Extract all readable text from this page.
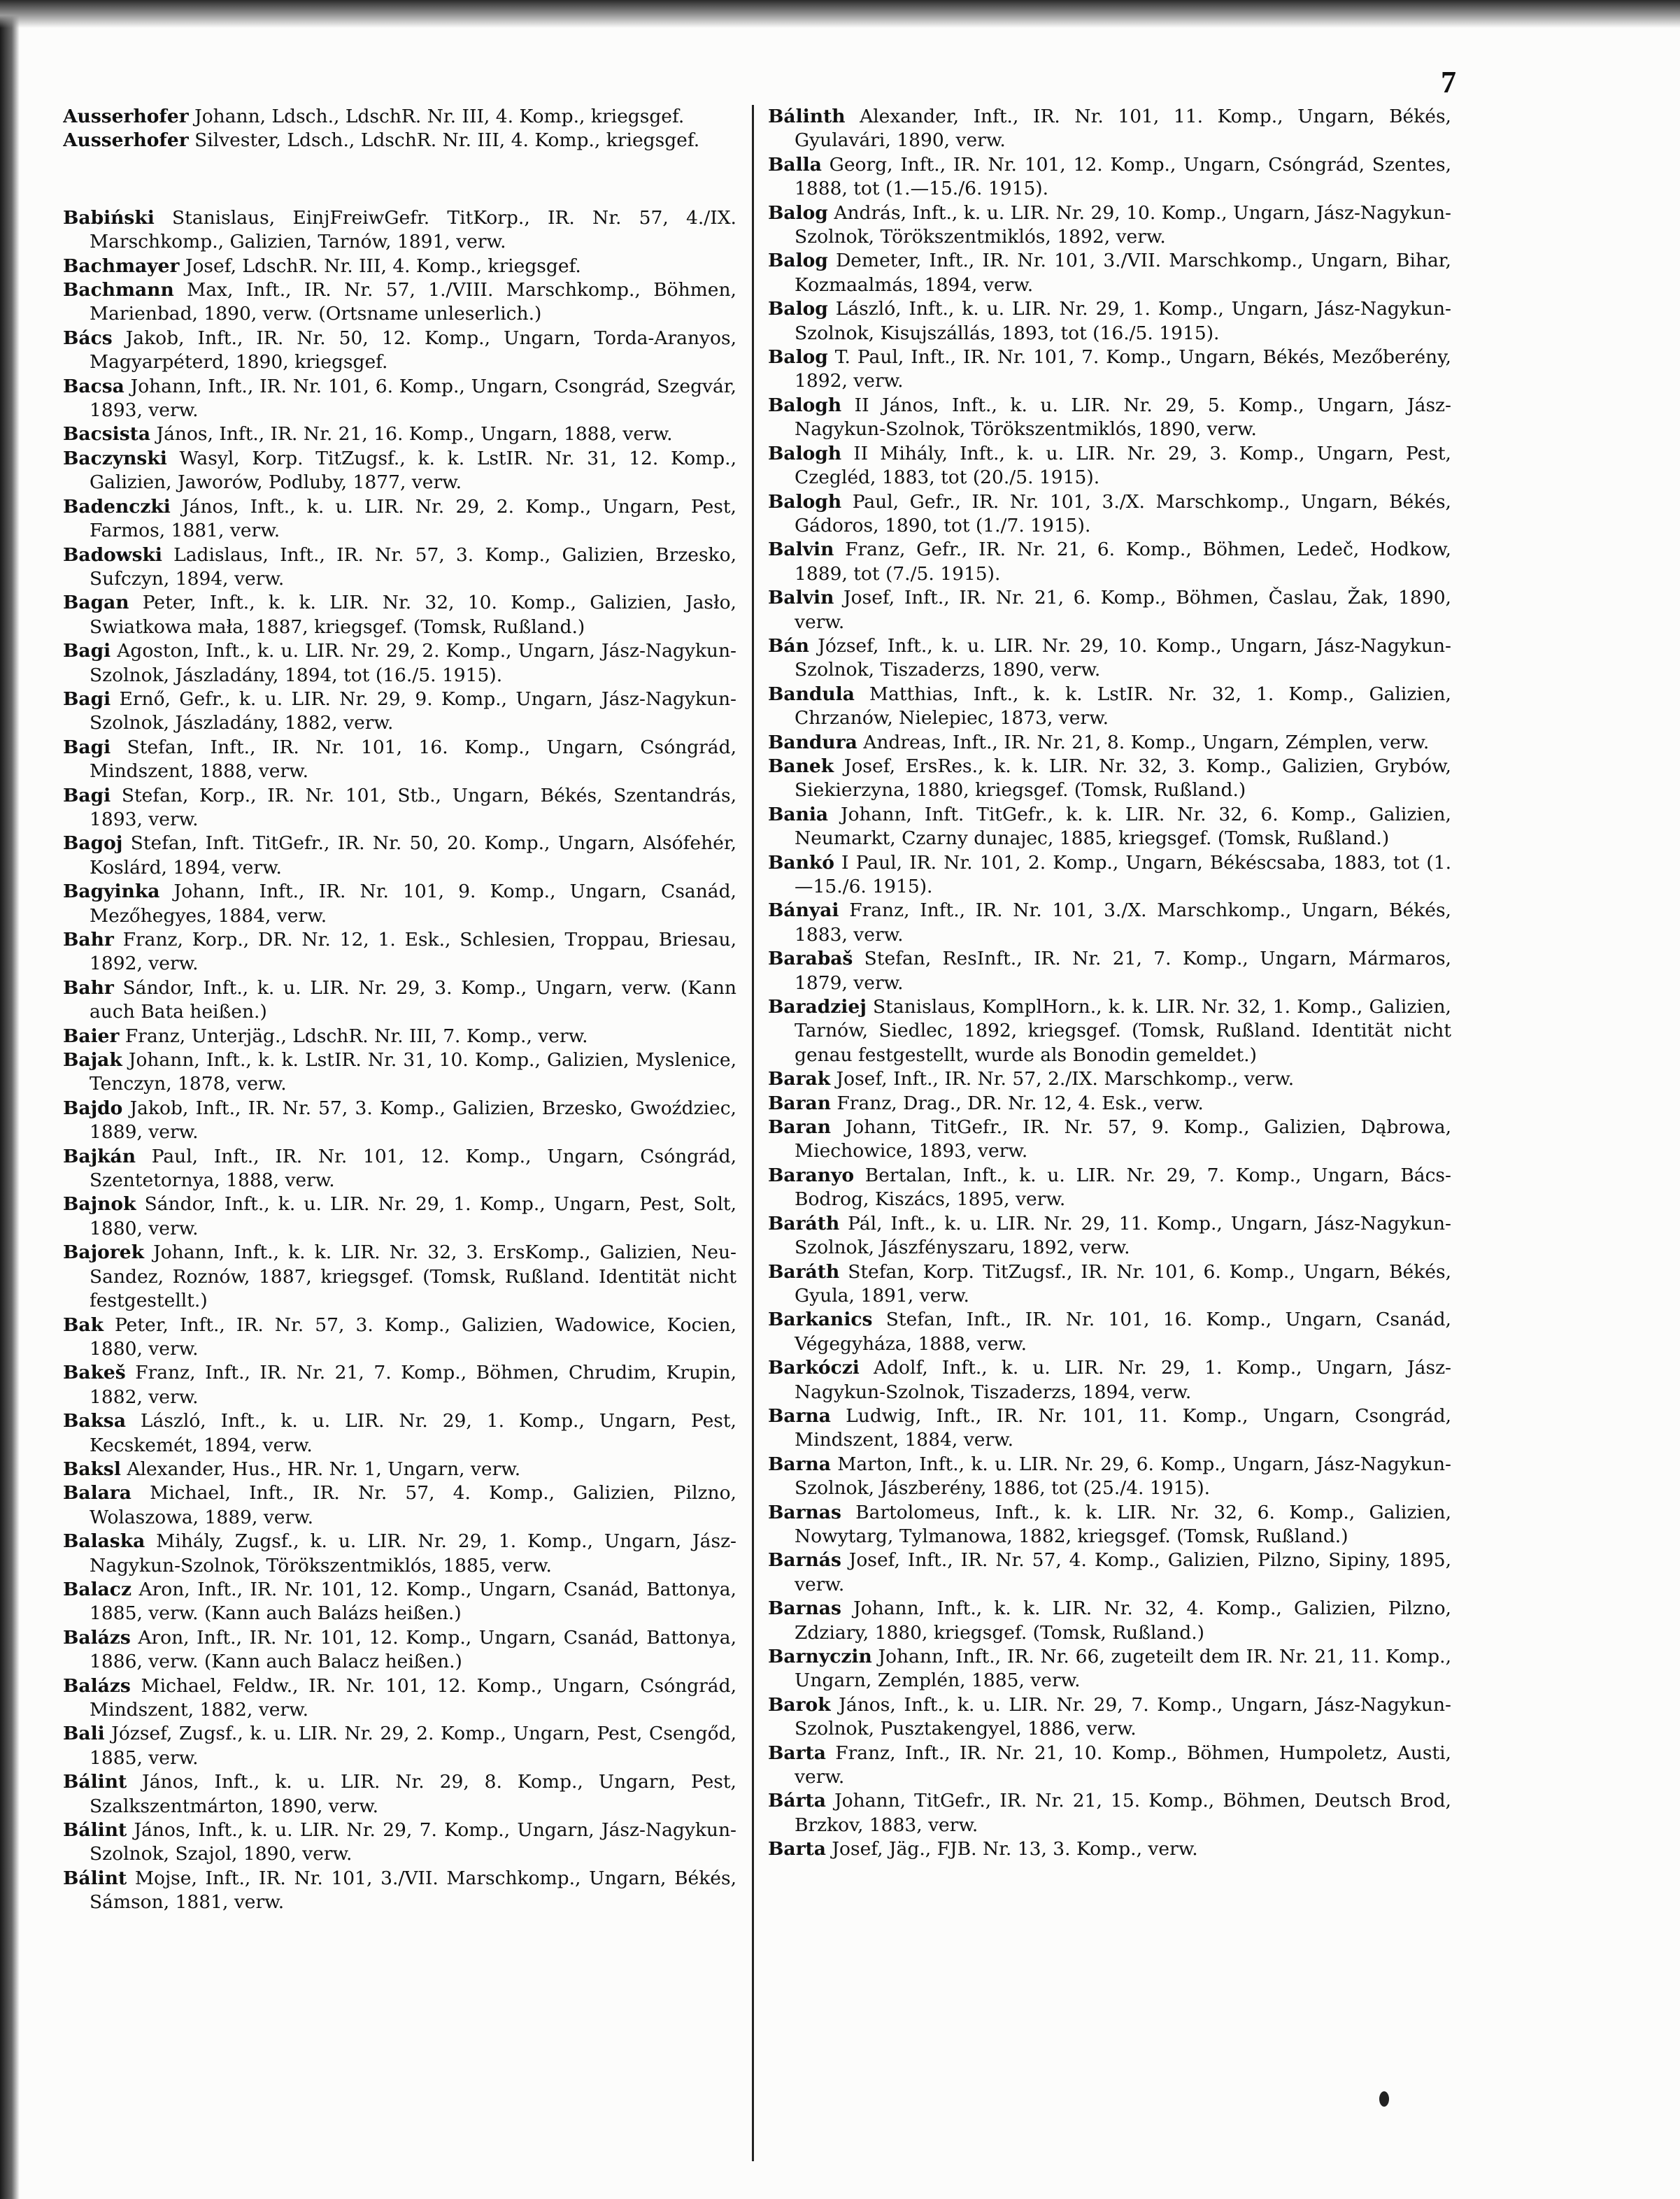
7
Ausserhofer Johann, Ldsch., LdschR. Nr. III, 4. Komp., kriegsgef.
Ausserhofer Silvester, Ldsch., LdschR. Nr. III, 4. Komp., kriegsgef.
Babiński Stanislaus, EinjFreiwGefr. TitKorp., IR. Nr. 57, 4./IX. Marschkomp., Galizien, Tarnów, 1891, verw.
Bachmayer Josef, LdschR. Nr. III, 4. Komp., kriegsgef.
Bachmann Max, Inft., IR. Nr. 57, 1./VIII. Marschkomp., Böhmen, Marienbad, 1890, verw. (Ortsname unleserlich.)
Bács Jakob, Inft., IR. Nr. 50, 12. Komp., Ungarn, Torda-Aranyos, Magyarpéterd, 1890, kriegsgef.
Bacsa Johann, Inft., IR. Nr. 101, 6. Komp., Ungarn, Csongrád, Szegvár, 1893, verw.
Bacsista János, Inft., IR. Nr. 21, 16. Komp., Ungarn, 1888, verw.
Baczynski Wasyl, Korp. TitZugsf., k. k. LstIR. Nr. 31, 12. Komp., Galizien, Jaworów, Podluby, 1877, verw.
Badenczki János, Inft., k. u. LIR. Nr. 29, 2. Komp., Ungarn, Pest, Farmos, 1881, verw.
Badowski Ladislaus, Inft., IR. Nr. 57, 3. Komp., Galizien, Brzesko, Sufczyn, 1894, verw.
Bagan Peter, Inft., k. k. LIR. Nr. 32, 10. Komp., Galizien, Jasło, Swiatkowa mała, 1887, kriegsgef. (Tomsk, Rußland.)
Bagi Agoston, Inft., k. u. LIR. Nr. 29, 2. Komp., Ungarn, Jász-Nagykun-Szolnok, Jászladány, 1894, tot (16./5. 1915).
Bagi Ernő, Gefr., k. u. LIR. Nr. 29, 9. Komp., Ungarn, Jász-Nagykun-Szolnok, Jászladány, 1882, verw.
Bagi Stefan, Inft., IR. Nr. 101, 16. Komp., Ungarn, Csóngrád, Mindszent, 1888, verw.
Bagi Stefan, Korp., IR. Nr. 101, Stb., Ungarn, Békés, Szentandrás, 1893, verw.
Bagoj Stefan, Inft. TitGefr., IR. Nr. 50, 20. Komp., Ungarn, Alsófehér, Koslárd, 1894, verw.
Bagyinka Johann, Inft., IR. Nr. 101, 9. Komp., Ungarn, Csanád, Mezőhegyes, 1884, verw.
Bahr Franz, Korp., DR. Nr. 12, 1. Esk., Schlesien, Troppau, Briesau, 1892, verw.
Bahr Sándor, Inft., k. u. LIR. Nr. 29, 3. Komp., Ungarn, verw. (Kann auch Bata heißen.)
Baier Franz, Unterjäg., LdschR. Nr. III, 7. Komp., verw.
Bajak Johann, Inft., k. k. LstIR. Nr. 31, 10. Komp., Galizien, Myslenice, Tenczyn, 1878, verw.
Bajdo Jakob, Inft., IR. Nr. 57, 3. Komp., Galizien, Brzesko, Gwoździec, 1889, verw.
Bajkán Paul, Inft., IR. Nr. 101, 12. Komp., Ungarn, Csóngrád, Szentetornya, 1888, verw.
Bajnok Sándor, Inft., k. u. LIR. Nr. 29, 1. Komp., Ungarn, Pest, Solt, 1880, verw.
Bajorek Johann, Inft., k. k. LIR. Nr. 32, 3. ErsKomp., Galizien, Neu-Sandez, Roznów, 1887, kriegsgef. (Tomsk, Rußland. Identität nicht festgestellt.)
Bak Peter, Inft., IR. Nr. 57, 3. Komp., Galizien, Wadowice, Kocien, 1880, verw.
Bakeš Franz, Inft., IR. Nr. 21, 7. Komp., Böhmen, Chrudim, Krupin, 1882, verw.
Baksa László, Inft., k. u. LIR. Nr. 29, 1. Komp., Ungarn, Pest, Kecskemét, 1894, verw.
Baksl Alexander, Hus., HR. Nr. 1, Ungarn, verw.
Balara Michael, Inft., IR. Nr. 57, 4. Komp., Galizien, Pilzno, Wolaszowa, 1889, verw.
Balaska Mihály, Zugsf., k. u. LIR. Nr. 29, 1. Komp., Ungarn, Jász-Nagykun-Szolnok, Törökszentmiklós, 1885, verw.
Balacz Aron, Inft., IR. Nr. 101, 12. Komp., Ungarn, Csanád, Battonya, 1885, verw. (Kann auch Balázs heißen.)
Balázs Aron, Inft., IR. Nr. 101, 12. Komp., Ungarn, Csanád, Battonya, 1886, verw. (Kann auch Balacz heißen.)
Balázs Michael, Feldw., IR. Nr. 101, 12. Komp., Ungarn, Csóngrád, Mindszent, 1882, verw.
Bali József, Zugsf., k. u. LIR. Nr. 29, 2. Komp., Ungarn, Pest, Csengőd, 1885, verw.
Bálint János, Inft., k. u. LIR. Nr. 29, 8. Komp., Ungarn, Pest, Szalkszentmárton, 1890, verw.
Bálint János, Inft., k. u. LIR. Nr. 29, 7. Komp., Ungarn, Jász-Nagykun-Szolnok, Szajol, 1890, verw.
Bálint Mojse, Inft., IR. Nr. 101, 3./VII. Marschkomp., Ungarn, Békés, Sámson, 1881, verw.
Bálinth Alexander, Inft., IR. Nr. 101, 11. Komp., Ungarn, Békés, Gyulavári, 1890, verw.
Balla Georg, Inft., IR. Nr. 101, 12. Komp., Ungarn, Csóngrád, Szentes, 1888, tot (1.—15./6. 1915).
Balog András, Inft., k. u. LIR. Nr. 29, 10. Komp., Ungarn, Jász-Nagykun-Szolnok, Törökszentmiklós, 1892, verw.
Balog Demeter, Inft., IR. Nr. 101, 3./VII. Marschkomp., Ungarn, Bihar, Kozmaalmás, 1894, verw.
Balog László, Inft., k. u. LIR. Nr. 29, 1. Komp., Ungarn, Jász-Nagykun-Szolnok, Kisujszállás, 1893, tot (16./5. 1915).
Balog T. Paul, Inft., IR. Nr. 101, 7. Komp., Ungarn, Békés, Mezőberény, 1892, verw.
Balogh II János, Inft., k. u. LIR. Nr. 29, 5. Komp., Ungarn, Jász-Nagykun-Szolnok, Törökszentmiklós, 1890, verw.
Balogh II Mihály, Inft., k. u. LIR. Nr. 29, 3. Komp., Ungarn, Pest, Czegléd, 1883, tot (20./5. 1915).
Balogh Paul, Gefr., IR. Nr. 101, 3./X. Marschkomp., Ungarn, Békés, Gádoros, 1890, tot (1./7. 1915).
Balvin Franz, Gefr., IR. Nr. 21, 6. Komp., Böhmen, Ledeč, Hodkow, 1889, tot (7./5. 1915).
Balvin Josef, Inft., IR. Nr. 21, 6. Komp., Böhmen, Časlau, Žak, 1890, verw.
Bán József, Inft., k. u. LIR. Nr. 29, 10. Komp., Ungarn, Jász-Nagykun-Szolnok, Tiszaderzs, 1890, verw.
Bandula Matthias, Inft., k. k. LstIR. Nr. 32, 1. Komp., Galizien, Chrzanów, Nielepiec, 1873, verw.
Bandura Andreas, Inft., IR. Nr. 21, 8. Komp., Ungarn, Zémplen, verw.
Banek Josef, ErsRes., k. k. LIR. Nr. 32, 3. Komp., Galizien, Grybów, Siekierzyna, 1880, kriegsgef. (Tomsk, Rußland.)
Bania Johann, Inft. TitGefr., k. k. LIR. Nr. 32, 6. Komp., Galizien, Neumarkt, Czarny dunajec, 1885, kriegsgef. (Tomsk, Rußland.)
Bankó I Paul, IR. Nr. 101, 2. Komp., Ungarn, Békéscsaba, 1883, tot (1.—15./6. 1915).
Bányai Franz, Inft., IR. Nr. 101, 3./X. Marschkomp., Ungarn, Békés, 1883, verw.
Barabaš Stefan, ResInft., IR. Nr. 21, 7. Komp., Ungarn, Mármaros, 1879, verw.
Baradziej Stanislaus, KomplHorn., k. k. LIR. Nr. 32, 1. Komp., Galizien, Tarnów, Siedlec, 1892, kriegsgef. (Tomsk, Rußland. Identität nicht genau festgestellt, wurde als Bonodin gemeldet.)
Barak Josef, Inft., IR. Nr. 57, 2./IX. Marschkomp., verw.
Baran Franz, Drag., DR. Nr. 12, 4. Esk., verw.
Baran Johann, TitGefr., IR. Nr. 57, 9. Komp., Galizien, Dąbrowa, Miechowice, 1893, verw.
Baranyo Bertalan, Inft., k. u. LIR. Nr. 29, 7. Komp., Ungarn, Bács-Bodrog, Kiszács, 1895, verw.
Baráth Pál, Inft., k. u. LIR. Nr. 29, 11. Komp., Ungarn, Jász-Nagykun-Szolnok, Jászfényszaru, 1892, verw.
Baráth Stefan, Korp. TitZugsf., IR. Nr. 101, 6. Komp., Ungarn, Békés, Gyula, 1891, verw.
Barkanics Stefan, Inft., IR. Nr. 101, 16. Komp., Ungarn, Csanád, Végegyháza, 1888, verw.
Barkóczi Adolf, Inft., k. u. LIR. Nr. 29, 1. Komp., Ungarn, Jász-Nagykun-Szolnok, Tiszaderzs, 1894, verw.
Barna Ludwig, Inft., IR. Nr. 101, 11. Komp., Ungarn, Csongrád, Mindszent, 1884, verw.
Barna Marton, Inft., k. u. LIR. Nr. 29, 6. Komp., Ungarn, Jász-Nagykun-Szolnok, Jászberény, 1886, tot (25./4. 1915).
Barnas Bartolomeus, Inft., k. k. LIR. Nr. 32, 6. Komp., Galizien, Nowytarg, Tylmanowa, 1882, kriegsgef. (Tomsk, Rußland.)
Barnás Josef, Inft., IR. Nr. 57, 4. Komp., Galizien, Pilzno, Sipiny, 1895, verw.
Barnas Johann, Inft., k. k. LIR. Nr. 32, 4. Komp., Galizien, Pilzno, Zdziary, 1880, kriegsgef. (Tomsk, Rußland.)
Barnyczin Johann, Inft., IR. Nr. 66, zugeteilt dem IR. Nr. 21, 11. Komp., Ungarn, Zemplén, 1885, verw.
Barok János, Inft., k. u. LIR. Nr. 29, 7. Komp., Ungarn, Jász-Nagykun-Szolnok, Pusztakengyel, 1886, verw.
Barta Franz, Inft., IR. Nr. 21, 10. Komp., Böhmen, Humpoletz, Austi, verw.
Bárta Johann, TitGefr., IR. Nr. 21, 15. Komp., Böhmen, Deutsch Brod, Brzkov, 1883, verw.
Barta Josef, Jäg., FJB. Nr. 13, 3. Komp., verw.
